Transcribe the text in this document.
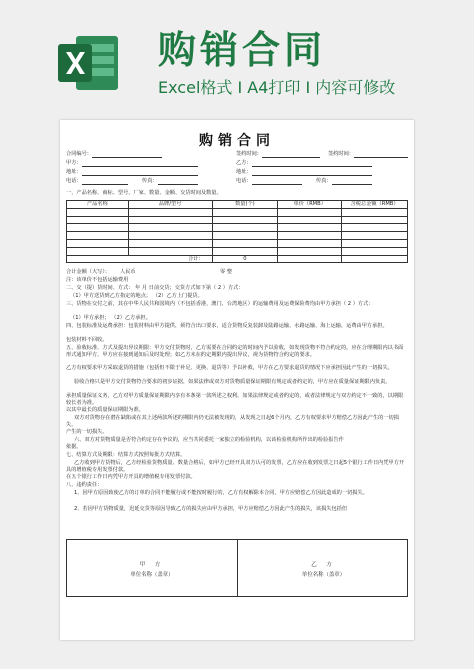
购销合同
Excel格式 I A4打印 I 内容可修改
购销合同
合同编号：	签约时间：	签约时间：
甲方：	乙方：
地址：	地址：
电话：	传真：	电话：	传真：
一、产品名称、商标、型号、厂家、数量、金额、交货时间及数量。
产品名称	品牌/型号	数量(个)	单价（RMB）	含税总金额（RMB）

合计：		0		
合计金额（大写）： 人民币	零 整
注：该单价不包括运输费用
二、交（提）货时间、方式： 年 月 日前交货；交货方式如下第（ 2 ）方式：
（1）甲方送货到乙方指定的地点； （2）乙方上门提货。
三、货物在交付之前，其在中华人民共和国境内（不包括香港、澳门、台湾地区）的运输费用及运费保险费均由甲方承担（ 2 ）方式：
（1）甲方承担； （2）乙方承担。
四、包装标准及运费承担：包装材料由甲方提供，须符合出口要求，适合货物反复装卸及陆路运输、水路运输、海上运输，运费由甲方承担。
包装材料不回收。
五、验收标准、方式及提出异议期限：甲方交付货物时，乙方需要在合同约定的时间内予以验收，如发现货物不符合约定的，应在合理期限内以书面形式通知甲方，甲方应在接到通知后及时处理；如乙方未在约定期限内提出异议，视为货物符合约定的要求。
乙方有权要求甲方采取退货的措施（包括但不限于补足、更换、退货等）予以补救，甲方在乙方要求退货的情况下应承担因此产生的一切损失。
验收合格只是甲方交付货物符合要求的初步证据，如果法律或双方对货物质量保证期限有规定或者约定的，甲方应在质量保证期限内负责。
承担质量保证义务，乙方对甲方质量保证期限内享有本条第一款所述之权利。如果法律规定或者约定的，或者法律规定与双方约定不一致的，以期限较长者为准。
以其中最长的质量保证期限为准。
双方对货物存在潜在缺陷或在其上述两款所述的期限内仍无法被发现的，从发现之日起6个月内，乙方有权要求甲方赔偿乙方因此产生的一切损失。
产生的一切损失。
六、双方对货物质量是否符合约定存在争议的，应当共同委托一家独立的检验机构，以该检验机构所作出的检验报告作
依据。
七、结算方式及期限：结算方式按照每批方式结算。
乙方收到甲方货物后，乙方经检验货物质量、数量合格后，如甲方已经开具双方认可的发票，乙方应在收到发票之日起5个银行工作日内凭甲方开具的增值税专用发票付款。
在五个银行工作日内凭甲方开具的增值税专用发票付款。
八、违约责任：
1、因甲方原因致使乙方的订单的合同不能履行或不能按时履行的，乙方有权解除本合同，甲方应赔偿乙方因此造成的一切损失。
2、若因甲方货物质量，迟延交货等原因导致乙方的损失应由甲方承担，甲方应赔偿乙方因此产生的损失，该损失包括但
甲 方
单位名称（盖章）
乙 方
单位名称（盖章）
